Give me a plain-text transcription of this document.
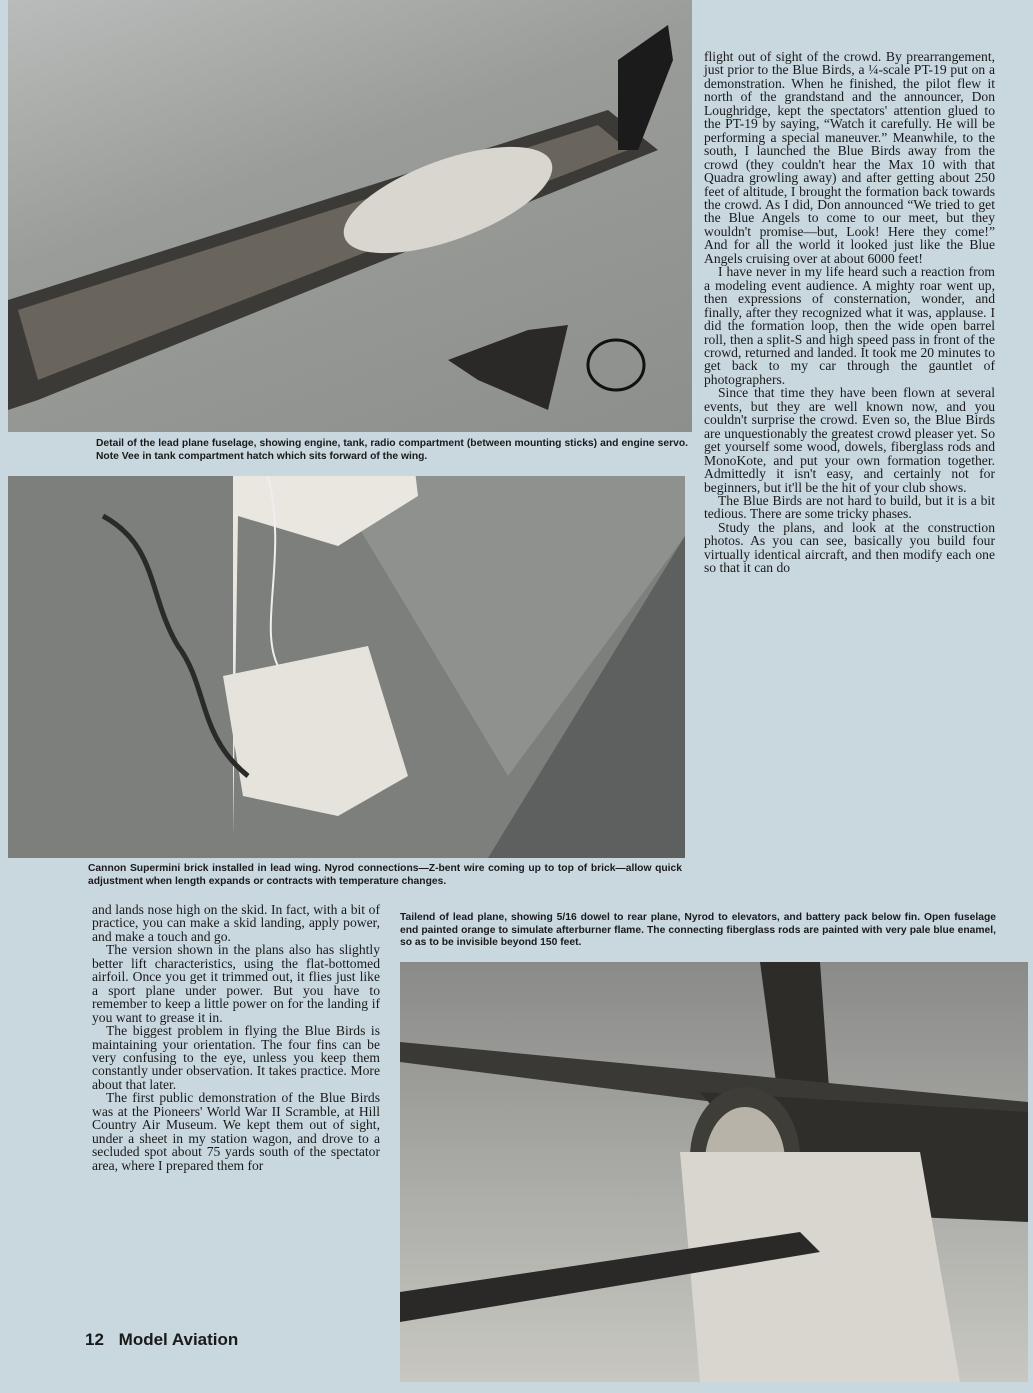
Detail of the lead plane fuselage, showing engine, tank, radio compartment (between mounting sticks) and engine servo. Note Vee in tank compartment hatch which sits forward of the wing.
Cannon Supermini brick installed in lead wing. Nyrod connections—Z-bent wire coming up to top of brick—allow quick adjustment when length expands or contracts with temperature changes.

flight out of sight of the crowd. By prearrangement, just prior to the Blue Birds, a ¼-scale PT-19 put on a demonstration. When he finished, the pilot flew it north of the grandstand and the announcer, Don Loughridge, kept the spectators' attention glued to the PT-19 by saying, “Watch it carefully. He will be performing a special maneuver.” Meanwhile, to the south, I launched the Blue Birds away from the crowd (they couldn't hear the Max 10 with that Quadra growling away) and after getting about 250 feet of altitude, I brought the formation back towards the crowd. As I did, Don announced “We tried to get the Blue Angels to come to our meet, but they wouldn't promise—but, Look! Here they come!” And for all the world it looked just like the Blue Angels cruising over at about 6000 feet!

I have never in my life heard such a reaction from a modeling event audience. A mighty roar went up, then expressions of consternation, wonder, and finally, after they recognized what it was, applause. I did the formation loop, then the wide open barrel roll, then a split-S and high speed pass in front of the crowd, returned and landed. It took me 20 minutes to get back to my car through the gauntlet of photographers.

Since that time they have been flown at several events, but they are well known now, and you couldn't surprise the crowd. Even so, the Blue Birds are unquestionably the greatest crowd pleaser yet. So get yourself some wood, dowels, fiberglass rods and MonoKote, and put your own formation together. Admittedly it isn't easy, and certainly not for beginners, but it'll be the hit of your club shows.

The Blue Birds are not hard to build, but it is a bit tedious. There are some tricky phases.

Study the plans, and look at the construction photos. As you can see, basically you build four virtually identical aircraft, and then modify each one so that it can do

and lands nose high on the skid. In fact, with a bit of practice, you can make a skid landing, apply power, and make a touch and go.

The version shown in the plans also has slightly better lift characteristics, using the flat-bottomed airfoil. Once you get it trimmed out, it flies just like a sport plane under power. But you have to remember to keep a little power on for the landing if you want to grease it in.

The biggest problem in flying the Blue Birds is maintaining your orientation. The four fins can be very confusing to the eye, unless you keep them constantly under observation. It takes practice. More about that later.

The first public demonstration of the Blue Birds was at the Pioneers' World War II Scramble, at Hill Country Air Museum. We kept them out of sight, under a sheet in my station wagon, and drove to a secluded spot about 75 yards south of the spectator area, where I prepared them for

Tailend of lead plane, showing 5/16 dowel to rear plane, Nyrod to elevators, and battery pack below fin. Open fuselage end painted orange to simulate afterburner flame. The connecting fiberglass rods are painted with very pale blue enamel, so as to be invisible beyond 150 feet.
12 Model Aviation
